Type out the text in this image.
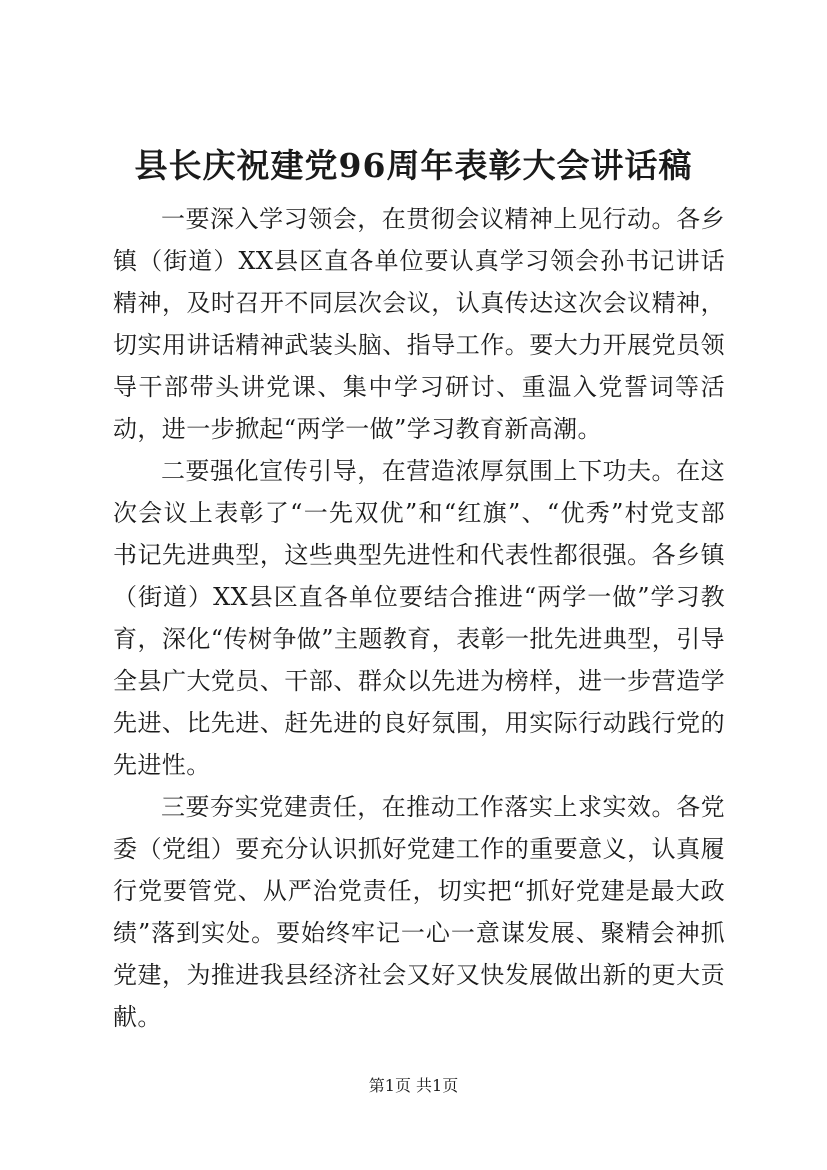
县长庆祝建党96周年表彰大会讲话稿

一要深入学习领会，在贯彻会议精神上见行动。各乡镇（街道）XX县区直各单位要认真学习领会孙书记讲话精神，及时召开不同层次会议，认真传达这次会议精神，切实用讲话精神武装头脑、指导工作。要大力开展党员领导干部带头讲党课、集中学习研讨、重温入党誓词等活动，进一步掀起“两学一做”学习教育新高潮。

二要强化宣传引导，在营造浓厚氛围上下功夫。在这次会议上表彰了“一先双优”和“红旗”、“优秀”村党支部书记先进典型，这些典型先进性和代表性都很强。各乡镇（街道）XX县区直各单位要结合推进“两学一做”学习教育，深化“传树争做”主题教育，表彰一批先进典型，引导全县广大党员、干部、群众以先进为榜样，进一步营造学先进、比先进、赶先进的良好氛围，用实际行动践行党的先进性。

三要夯实党建责任，在推动工作落实上求实效。各党委（党组）要充分认识抓好党建工作的重要意义，认真履行党要管党、从严治党责任，切实把“抓好党建是最大政绩”落到实处。要始终牢记一心一意谋发展、聚精会神抓党建，为推进我县经济社会又好又快发展做出新的更大贡献。

第1页 共1页
